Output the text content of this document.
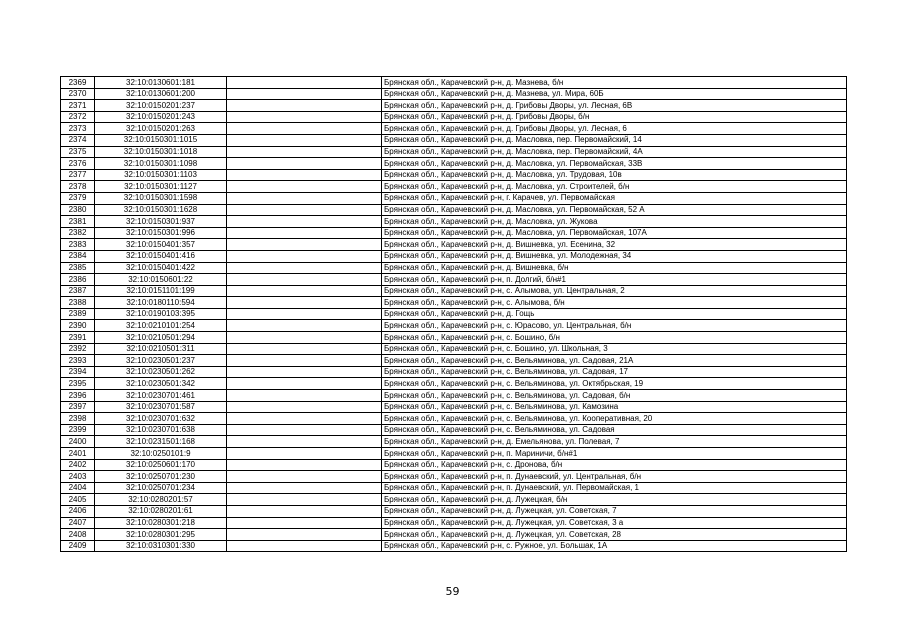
2369	32:10:0130601:181		Брянская обл., Карачевский р-н, д. Мазнева, б/н
2370	32:10:0130601:200		Брянская обл., Карачевский р-н, д. Мазнева, ул. Мира, 60Б
2371	32:10:0150201:237		Брянская обл., Карачевский р-н, д. Грибовы Дворы, ул. Лесная, 6В
2372	32:10:0150201:243		Брянская обл., Карачевский р-н, д. Грибовы Дворы, б/н
2373	32:10:0150201:263		Брянская обл., Карачевский р-н, д. Грибовы Дворы, ул. Лесная, 6
2374	32:10:0150301:1015		Брянская обл., Карачевский р-н, д. Масловка, пер. Первомайский, 14
2375	32:10:0150301:1018		Брянская обл., Карачевский р-н, д. Масловка, пер. Первомайский, 4А
2376	32:10:0150301:1098		Брянская обл., Карачевский р-н, д. Масловка, ул. Первомайская, 33В
2377	32:10:0150301:1103		Брянская обл., Карачевский р-н, д. Масловка, ул. Трудовая, 10в
2378	32:10:0150301:1127		Брянская обл., Карачевский р-н, д. Масловка, ул. Строителей, б/н
2379	32:10:0150301:1598		Брянская обл., Карачевский р-н, г. Карачев, ул. Первомайская
2380	32:10:0150301:1628		Брянская обл., Карачевский р-н, д. Масловка, ул. Первомайская, 52 А
2381	32:10:0150301:937		Брянская обл., Карачевский р-н, д. Масловка, ул. Жукова
2382	32:10:0150301:996		Брянская обл., Карачевский р-н, д. Масловка, ул. Первомайская, 107А
2383	32:10:0150401:357		Брянская обл., Карачевский р-н, д. Вишневка, ул. Есенина, 32
2384	32:10:0150401:416		Брянская обл., Карачевский р-н, д. Вишневка, ул. Молодежная, 34
2385	32:10:0150401:422		Брянская обл., Карачевский р-н, д. Вишневка, б/н
2386	32:10:0150601:22		Брянская обл., Карачевский р-н, п. Долгий, б/н#1
2387	32:10:0151101:199		Брянская обл., Карачевский р-н, с. Алымова, ул. Центральная, 2
2388	32:10:0180110:594		Брянская обл., Карачевский р-н, с. Алымова, б/н
2389	32:10:0190103:395		Брянская обл., Карачевский р-н, д. Гощь
2390	32:10:0210101:254		Брянская обл., Карачевский р-н, с. Юрасово, ул. Центральная, б/н
2391	32:10:0210501:294		Брянская обл., Карачевский р-н, с. Бошино, б/н
2392	32:10:0210501:311		Брянская обл., Карачевский р-н, с. Бошино, ул. Школьная, 3
2393	32:10:0230501:237		Брянская обл., Карачевский р-н, с. Вельяминова, ул. Садовая, 21А
2394	32:10:0230501:262		Брянская обл., Карачевский р-н, с. Вельяминова, ул. Садовая, 17
2395	32:10:0230501:342		Брянская обл., Карачевский р-н, с. Вельяминова, ул. Октябрьская, 19
2396	32:10:0230701:461		Брянская обл., Карачевский р-н, с. Вельяминова, ул. Садовая, б/н
2397	32:10:0230701:587		Брянская обл., Карачевский р-н, с. Вельяминова, ул. Камозина
2398	32:10:0230701:632		Брянская обл., Карачевский р-н, с. Вельяминова, ул. Кооперативная, 20
2399	32:10:0230701:638		Брянская обл., Карачевский р-н, с. Вельяминова, ул. Садовая
2400	32:10:0231501:168		Брянская обл., Карачевский р-н, д. Емельянова, ул. Полевая, 7
2401	32:10:0250101:9		Брянская обл., Карачевский р-н, п. Мариничи, б/н#1
2402	32:10:0250601:170		Брянская обл., Карачевский р-н, с. Дронова, б/н
2403	32:10:0250701:230		Брянская обл., Карачевский р-н, п. Дунаевский, ул. Центральная, б/н
2404	32:10:0250701:234		Брянская обл., Карачевский р-н, п. Дунаевский, ул. Первомайская, 1
2405	32:10:0280201:57		Брянская обл., Карачевский р-н, д. Лужецкая, б/н
2406	32:10:0280201:61		Брянская обл., Карачевский р-н, д. Лужецкая, ул. Советская, 7
2407	32:10:0280301:218		Брянская обл., Карачевский р-н, д. Лужецкая, ул. Советская, 3 а
2408	32:10:0280301:295		Брянская обл., Карачевский р-н, д. Лужецкая, ул. Советская, 28
2409	32:10:0310301:330		Брянская обл., Карачевский р-н, с. Ружное, ул. Большак, 1А
59
